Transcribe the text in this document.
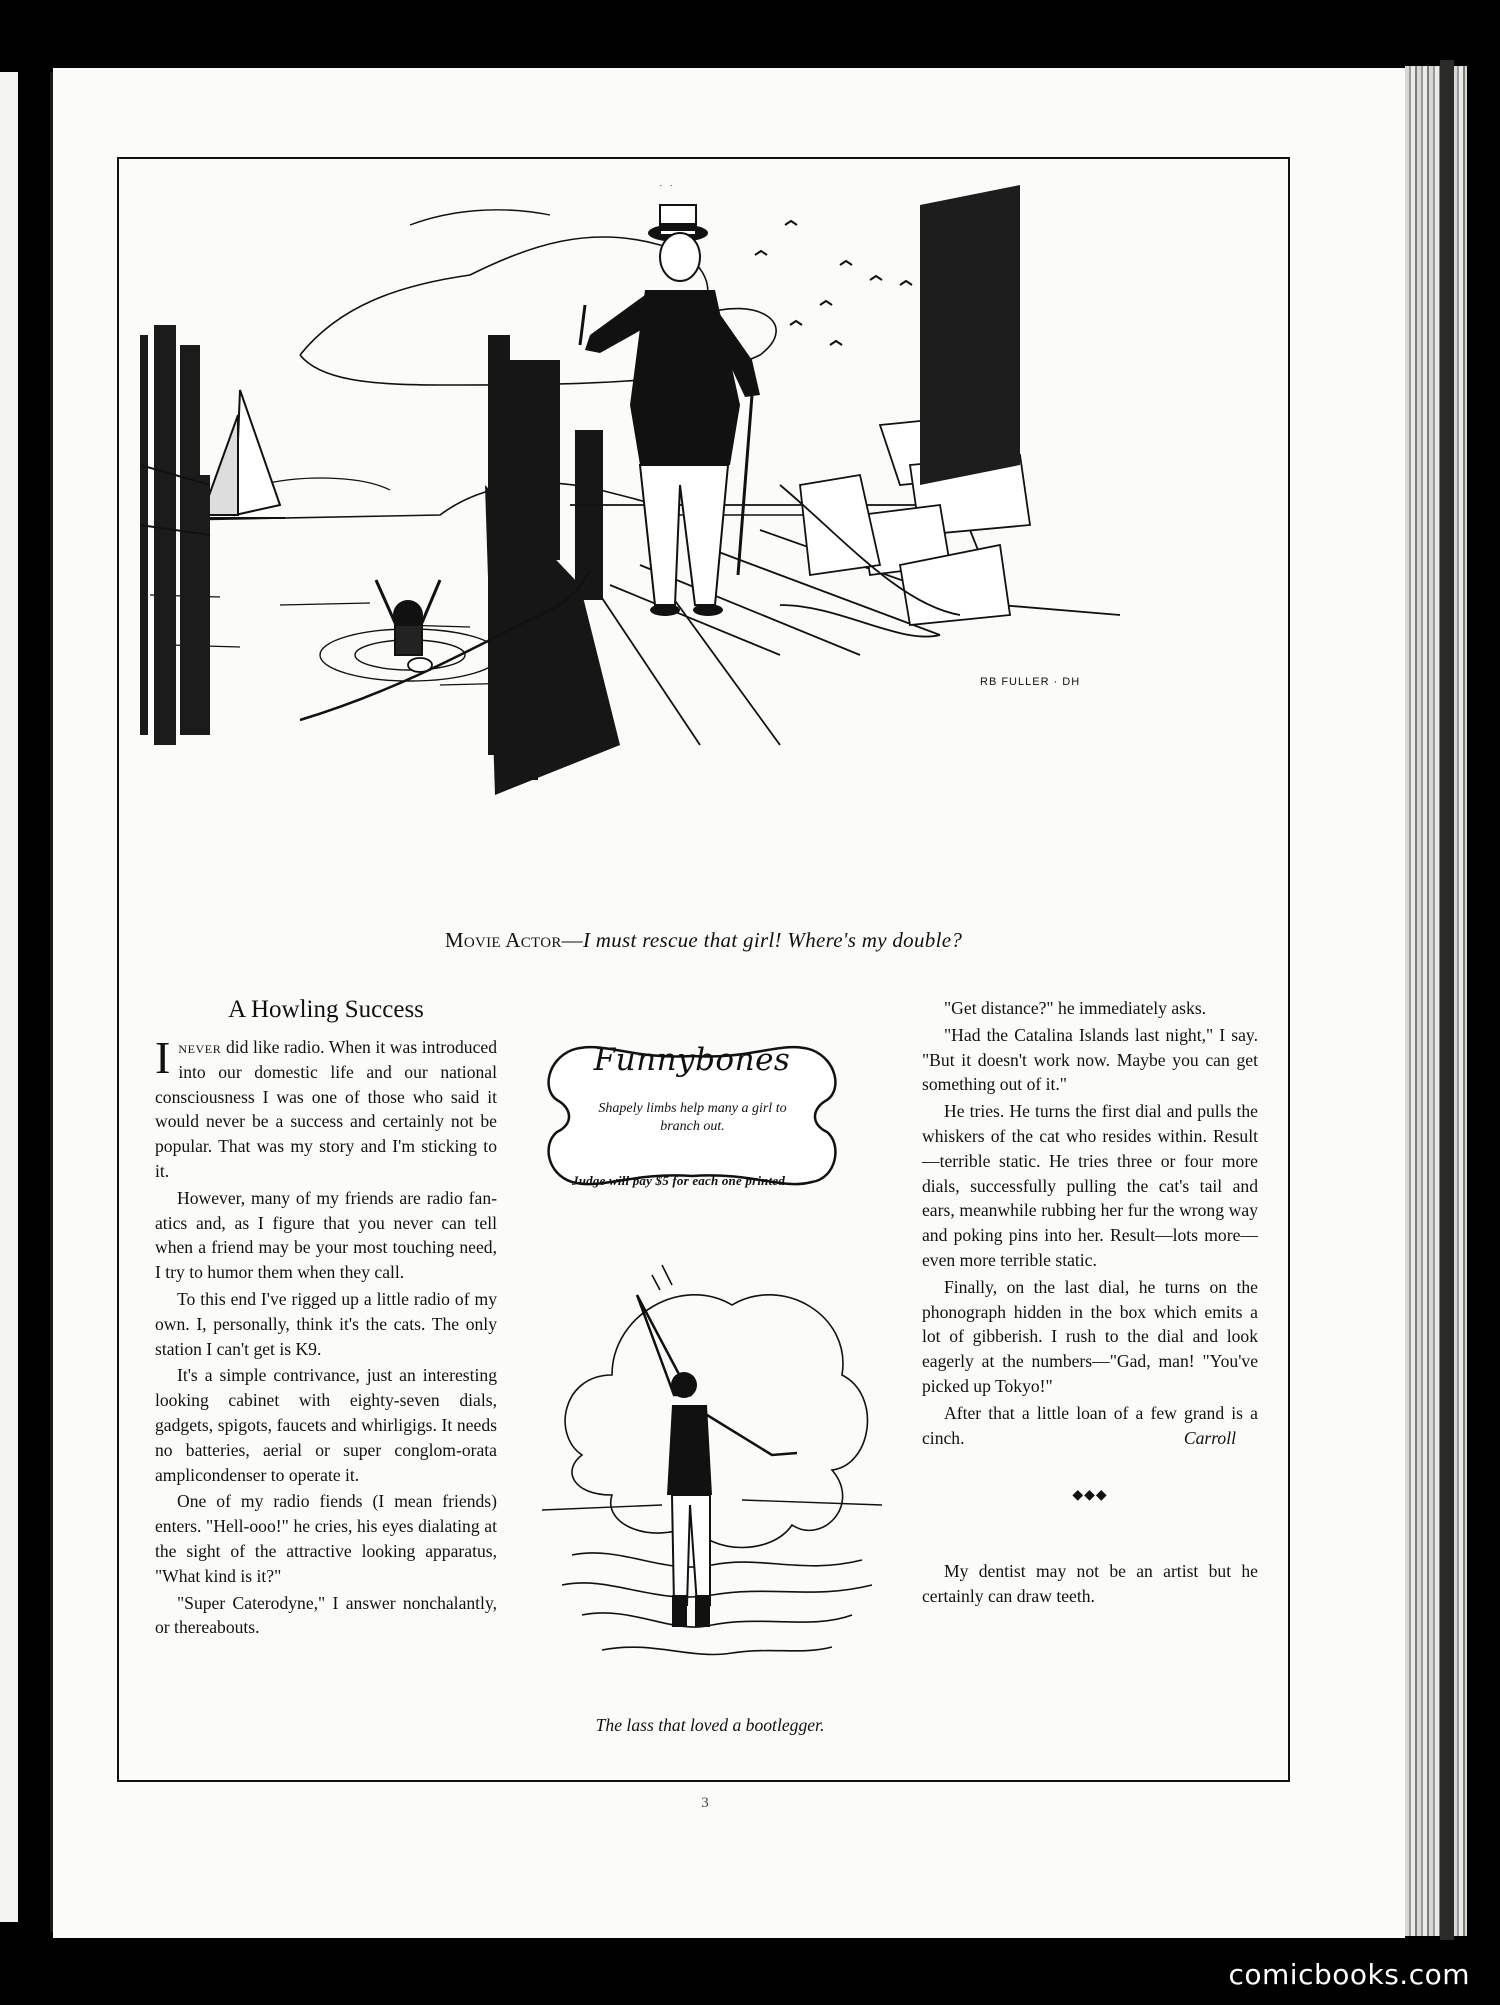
RB FULLER · DH
Movie Actor—I must rescue that girl! Where's my double?
A Howling Success

Inever did like radio. When it was introduced into our domestic life and our national consciousness I was one of those who said it would never be a success and certainly not be popular. That was my story and I'm sticking to it.

However, many of my friends are radio fan-atics and, as I figure that you never can tell when a friend may be your most touching need, I try to humor them when they call.

To this end I've rigged up a little radio of my own. I, personally, think it's the cats. The only station I can't get is K9.

It's a simple contrivance, just an interesting looking cabinet with eighty-seven dials, gadgets, spigots, faucets and whirligigs. It needs no batteries, aerial or super conglom-orata amplicondenser to operate it.

One of my radio fiends (I mean friends) enters. "Hell-ooo!" he cries, his eyes dialating at the sight of the attractive looking apparatus, "What kind is it?"

"Super Caterodyne," I answer nonchalantly, or thereabouts.

Funnybones
Shapely limbs help many a girl to branch out.
Judge will pay $5 for each one printed
The lass that loved a bootlegger.

"Get distance?" he immediately asks.

"Had the Catalina Islands last night," I say. "But it doesn't work now. Maybe you can get something out of it."

He tries. He turns the first dial and pulls the whiskers of the cat who resides within. Result—terrible static. He tries three or four more dials, successfully pulling the cat's tail and ears, meanwhile rubbing her fur the wrong way and poking pins into her. Result—lots more—even more terrible static.

Finally, on the last dial, he turns on the phonograph hidden in the box which emits a lot of gibberish. I rush to the dial and look eagerly at the numbers—"Gad, man! "You've picked up Tokyo!"

After that a little loan of a few grand is a cinch.	Carroll

◆◆◆

My dentist may not be an artist but he certainly can draw teeth.

3
comicbooks.com
